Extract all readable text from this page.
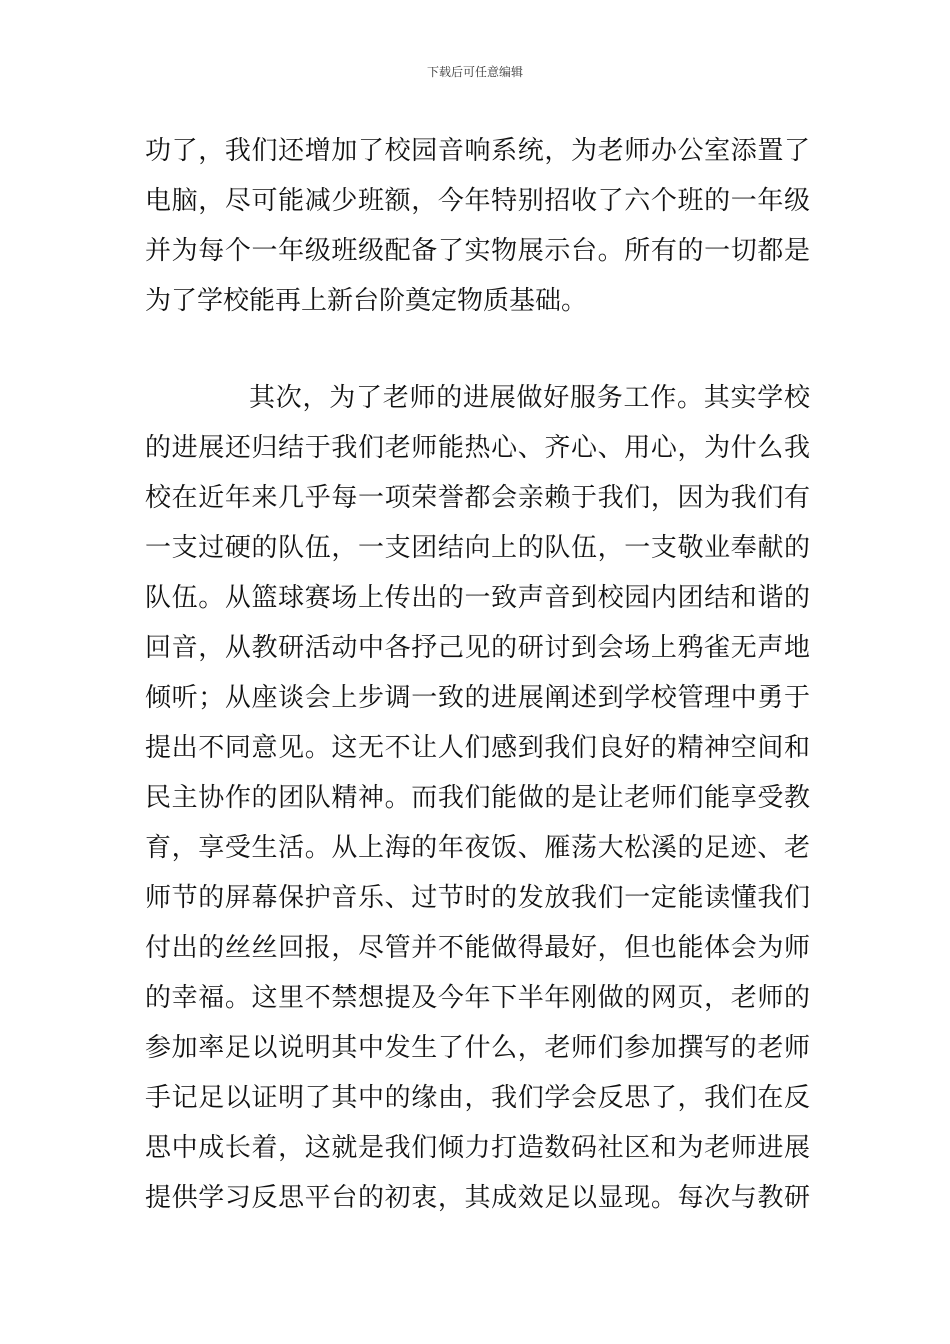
下载后可任意编辑
功了，我们还增加了校园音响系统，为老师办公室添置了
电脑，尽可能减少班额，今年特别招收了六个班的一年级
并为每个一年级班级配备了实物展示台。所有的一切都是
为了学校能再上新台阶奠定物质基础。
其次，为了老师的进展做好服务工作。其实学校
的进展还归结于我们老师能热心、齐心、用心，为什么我
校在近年来几乎每一项荣誉都会亲赖于我们，因为我们有
一支过硬的队伍，一支团结向上的队伍，一支敬业奉献的
队伍。从篮球赛场上传出的一致声音到校园内团结和谐的
回音，从教研活动中各抒己见的研讨到会场上鸦雀无声地
倾听；从座谈会上步调一致的进展阐述到学校管理中勇于
提出不同意见。这无不让人们感到我们良好的精神空间和
民主协作的团队精神。而我们能做的是让老师们能享受教
育，享受生活。从上海的年夜饭、雁荡大松溪的足迹、老
师节的屏幕保护音乐、过节时的发放我们一定能读懂我们
付出的丝丝回报，尽管并不能做得最好，但也能体会为师
的幸福。这里不禁想提及今年下半年刚做的网页，老师的
参加率足以说明其中发生了什么，老师们参加撰写的老师
手记足以证明了其中的缘由，我们学会反思了，我们在反
思中成长着，这就是我们倾力打造数码社区和为老师进展
提供学习反思平台的初衷，其成效足以显现。每次与教研
